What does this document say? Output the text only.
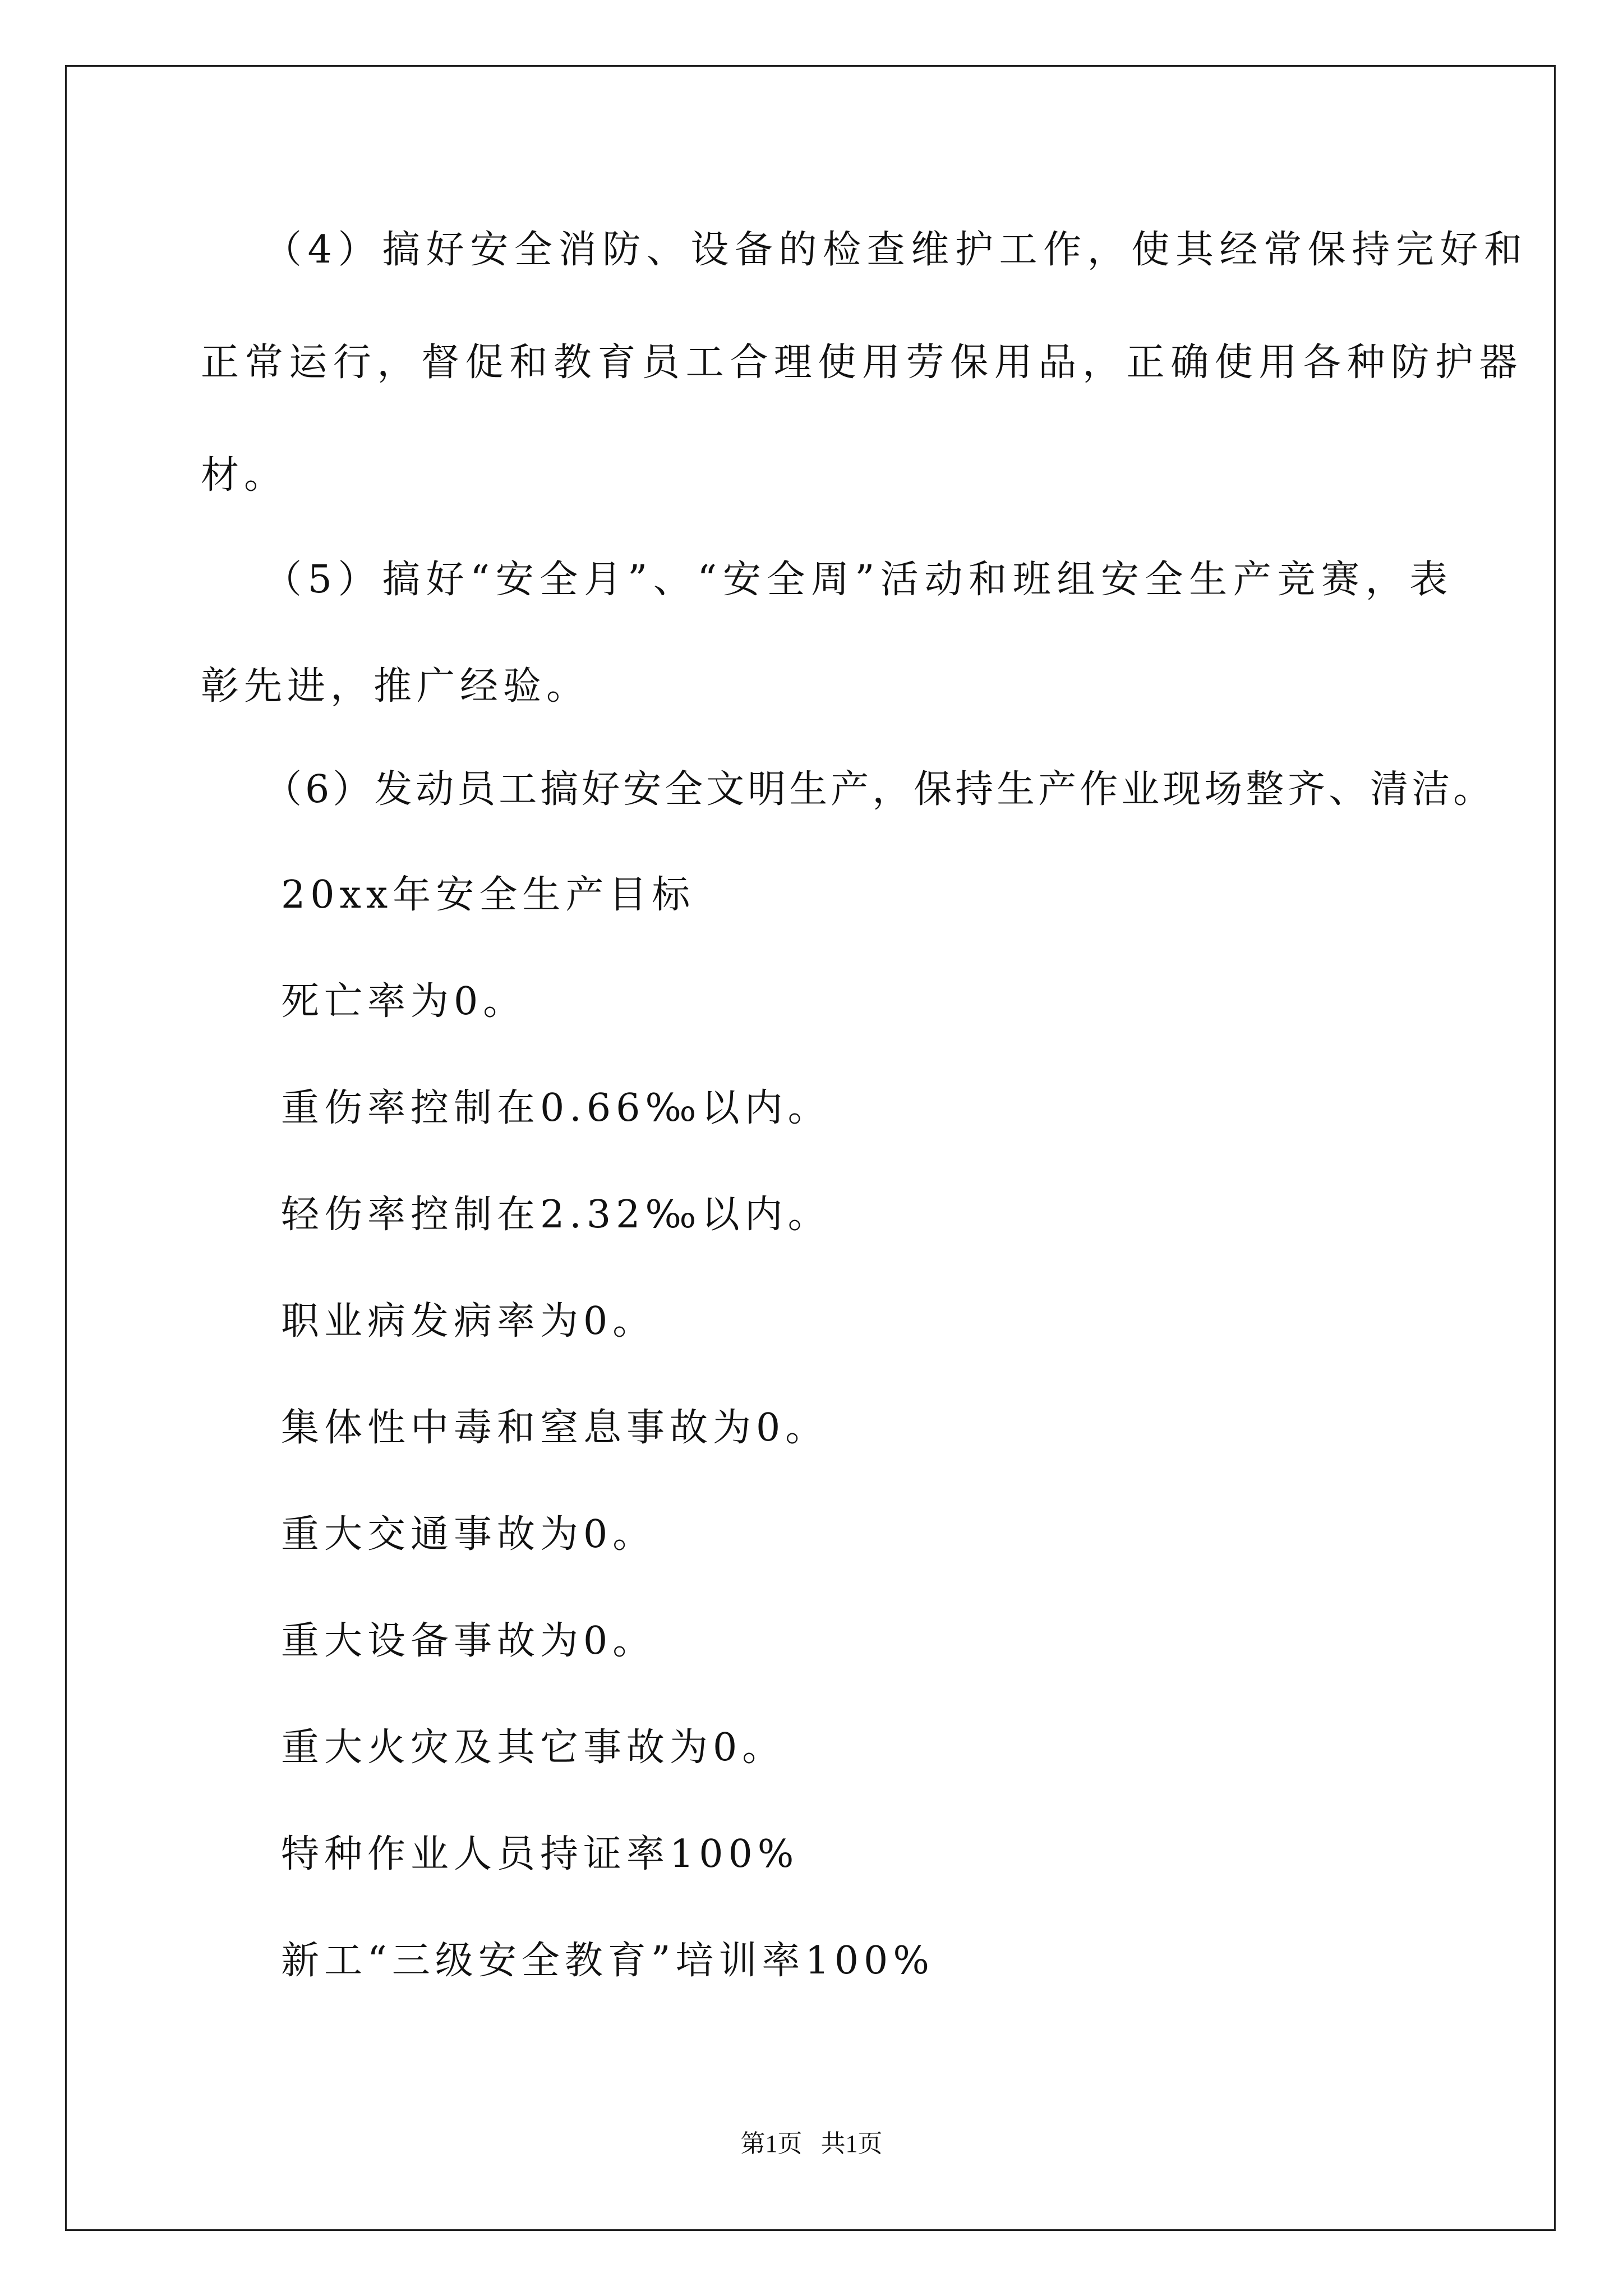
（4）搞好安全消防、设备的检查维护工作，使其经常保持完好和
正常运行，督促和教育员工合理使用劳保用品，正确使用各种防护器
材。
（5）搞好“安全月”、“安全周”活动和班组安全生产竞赛，表
彰先进，推广经验。
（6）发动员工搞好安全文明生产，保持生产作业现场整齐、清洁。
20xx年安全生产目标
死亡率为0。
重伤率控制在0.66‰以内。
轻伤率控制在2.32‰以内。
职业病发病率为0。
集体性中毒和窒息事故为0。
重大交通事故为0。
重大设备事故为0。
重大火灾及其它事故为0。
特种作业人员持证率100%
新工“三级安全教育”培训率100%
第1页   共1页
